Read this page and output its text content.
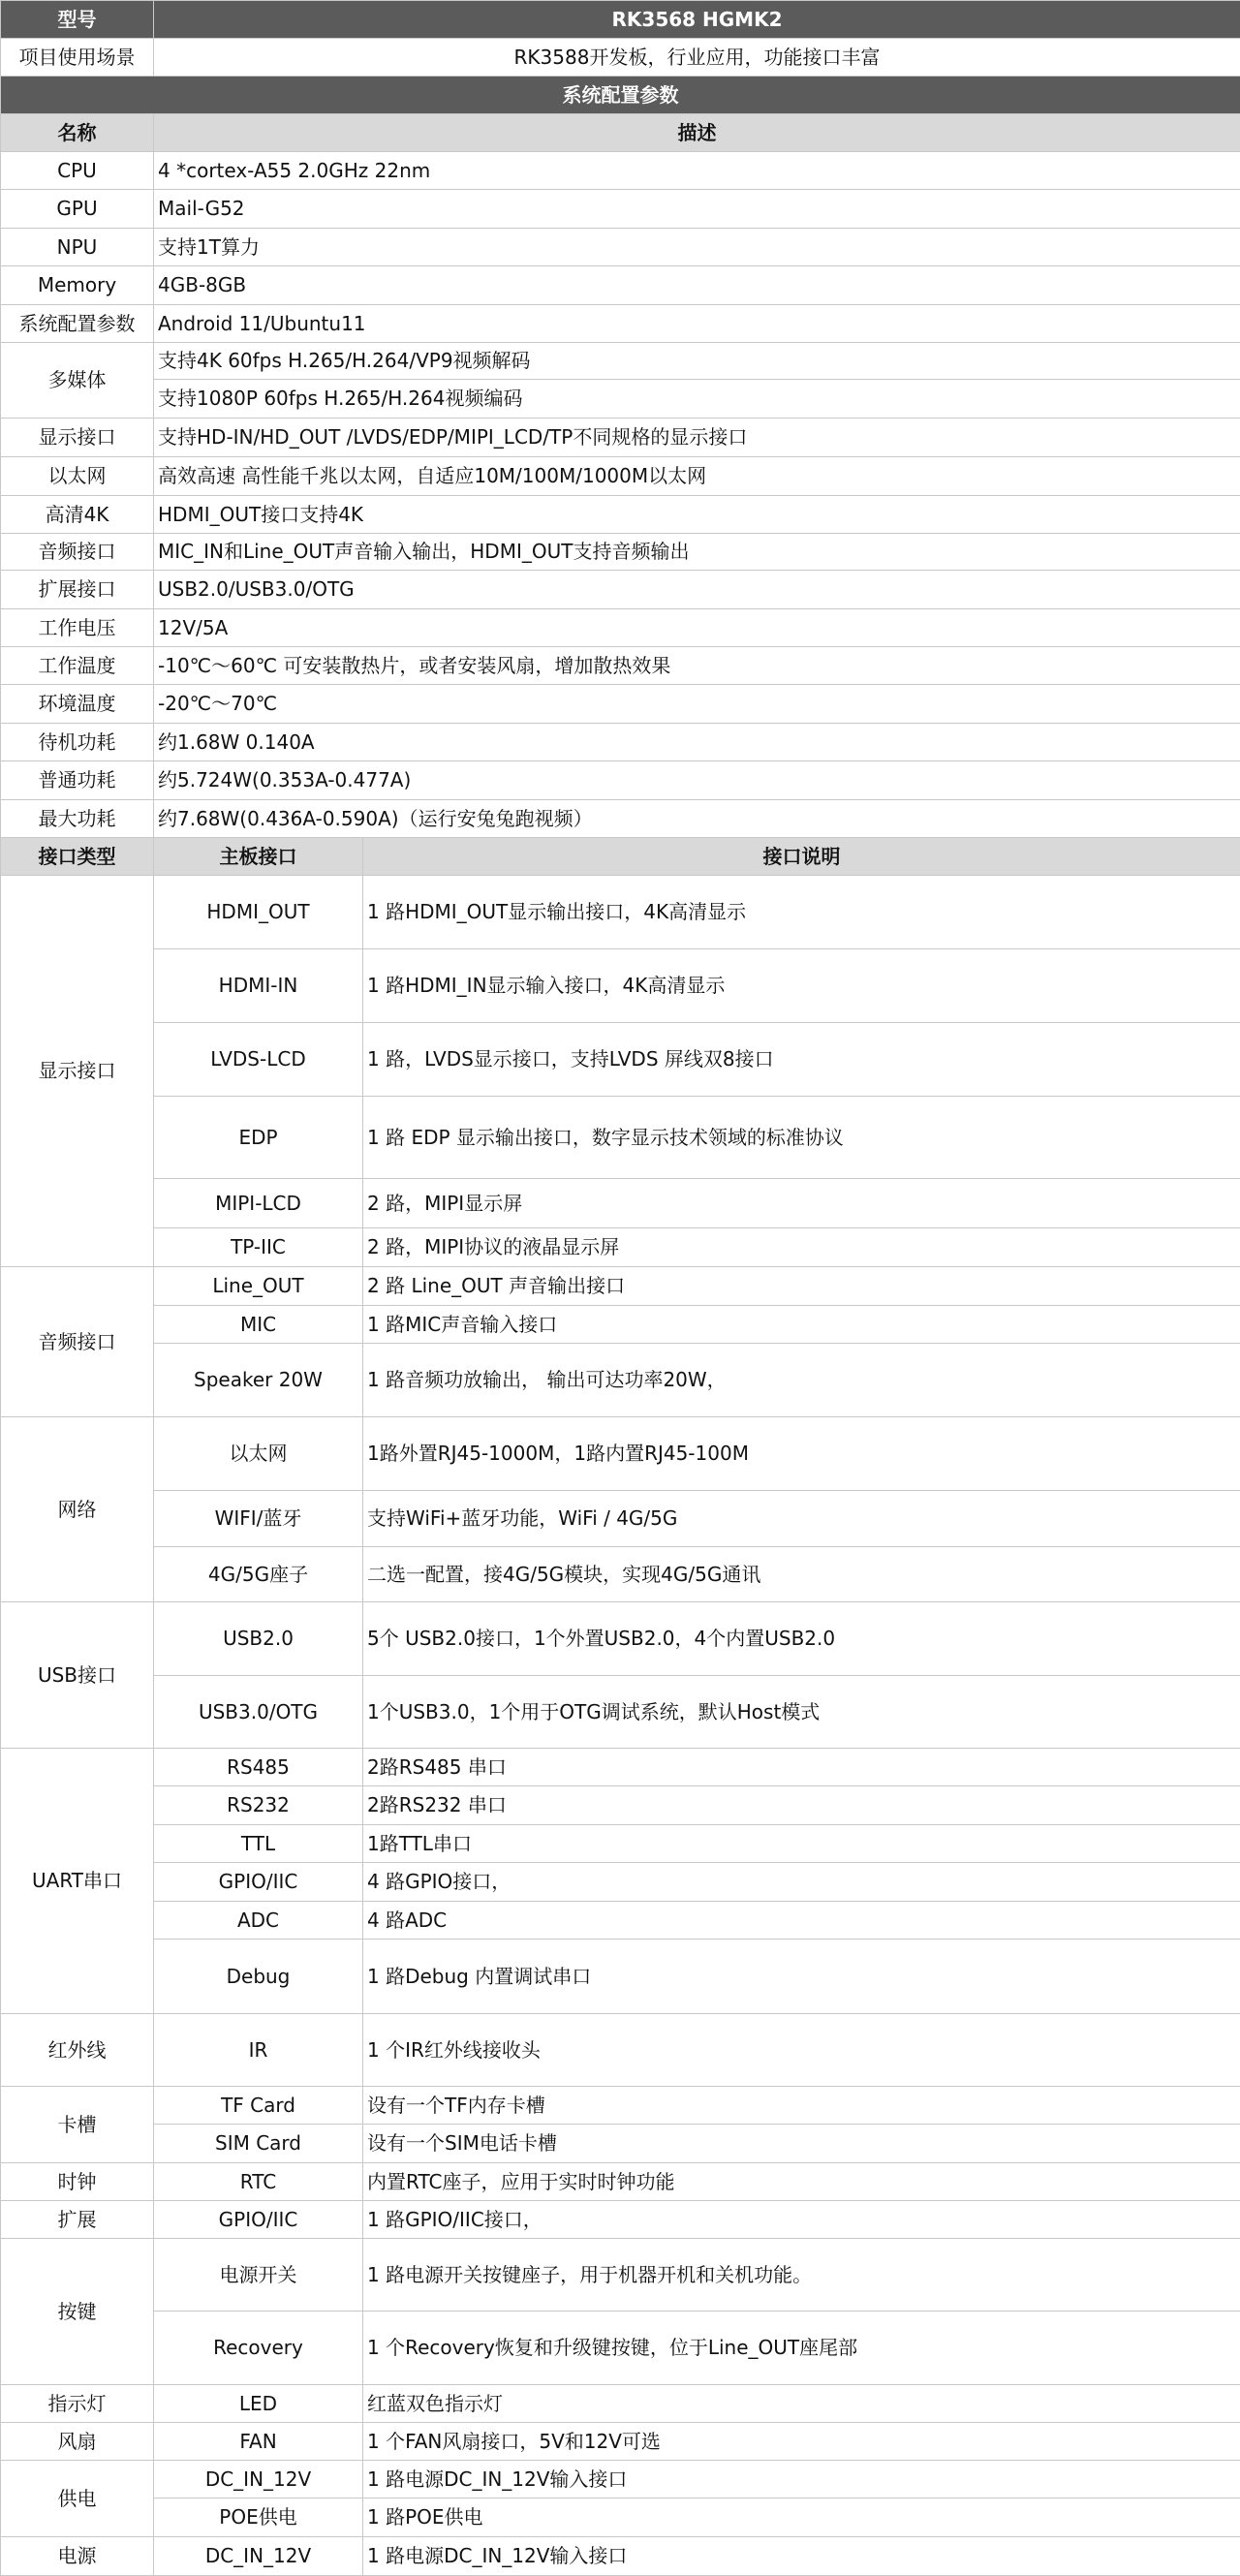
型号	RK3568 HGMK2	
项目使用场景	RK3588开发板，行业应用，功能接口丰富	
系统配置参数		
名称	描述	
CPU	4 *cortex-A55 2.0GHz 22nm	
GPU	Mail-G52	
NPU	支持1T算力	
Memory	4GB-8GB	
系统配置参数	Android 11/Ubuntu11	
多媒体	支持4K 60fps H.265/H.264/VP9视频解码	
	支持1080P 60fps H.265/H.264视频编码	
显示接口	支持HD-IN/HD_OUT /LVDS/EDP/MIPI_LCD/TP不同规格的显示接口	
以太网	高效高速 高性能千兆以太网，自适应10M/100M/1000M以太网	
高清4K	HDMI_OUT接口支持4K	
音频接口	MIC_IN和Line_OUT声音输入输出，HDMI_OUT支持音频输出	
扩展接口	USB2.0/USB3.0/OTG	
工作电压	12V/5A	
工作温度	-10℃～60℃ 可安装散热片，或者安装风扇，增加散热效果	
环境温度	-20℃～70℃	
待机功耗	约1.68W 0.140A	
普通功耗	约5.724W(0.353A-0.477A)	
最大功耗	约7.68W(0.436A-0.590A)（运行安兔兔跑视频）	
接口类型	主板接口	接口说明
显示接口	HDMI_OUT	1 路HDMI_OUT显示输出接口，4K高清显示
	HDMI-IN	1 路HDMI_IN显示输入接口，4K高清显示
	LVDS-LCD	1 路，LVDS显示接口，支持LVDS 屏线双8接口
	EDP	1 路 EDP 显示输出接口，数字显示技术领域的标准协议
	MIPI-LCD	2 路，MIPI显示屏
	TP-IIC	2 路，MIPI协议的液晶显示屏
音频接口	Line_OUT	2 路 Line_OUT 声音输出接口
	MIC	1 路MIC声音输入接口
	Speaker 20W	1 路音频功放输出， 输出可达功率20W，
网络	以太网	1路外置RJ45-1000M，1路内置RJ45-100M
	WIFI/蓝牙	支持WiFi+蓝牙功能，WiFi / 4G/5G
	4G/5G座子	二选一配置，接4G/5G模块，实现4G/5G通讯
USB接口	USB2.0	5个 USB2.0接口，1个外置USB2.0，4个内置USB2.0
	USB3.0/OTG	1个USB3.0，1个用于OTG调试系统，默认Host模式
UART串口	RS485	2路RS485 串口
	RS232	2路RS232 串口
	TTL	1路TTL串口
	GPIO/IIC	4 路GPIO接口，
	ADC	4 路ADC
	Debug	1 路Debug 内置调试串口
红外线	IR	1 个IR红外线接收头
卡槽	TF Card	设有一个TF内存卡槽
	SIM Card	设有一个SIM电话卡槽
时钟	RTC	内置RTC座子，应用于实时时钟功能
扩展	GPIO/IIC	1 路GPIO/IIC接口，
按键	电源开关	1 路电源开关按键座子，用于机器开机和关机功能。
	Recovery	1 个Recovery恢复和升级键按键，位于Line_OUT座尾部
指示灯	LED	红蓝双色指示灯
风扇	FAN	1 个FAN风扇接口，5V和12V可选
供电	DC_IN_12V	1 路电源DC_IN_12V输入接口
	POE供电	1 路POE供电
电源	DC_IN_12V	1 路电源DC_IN_12V输入接口
